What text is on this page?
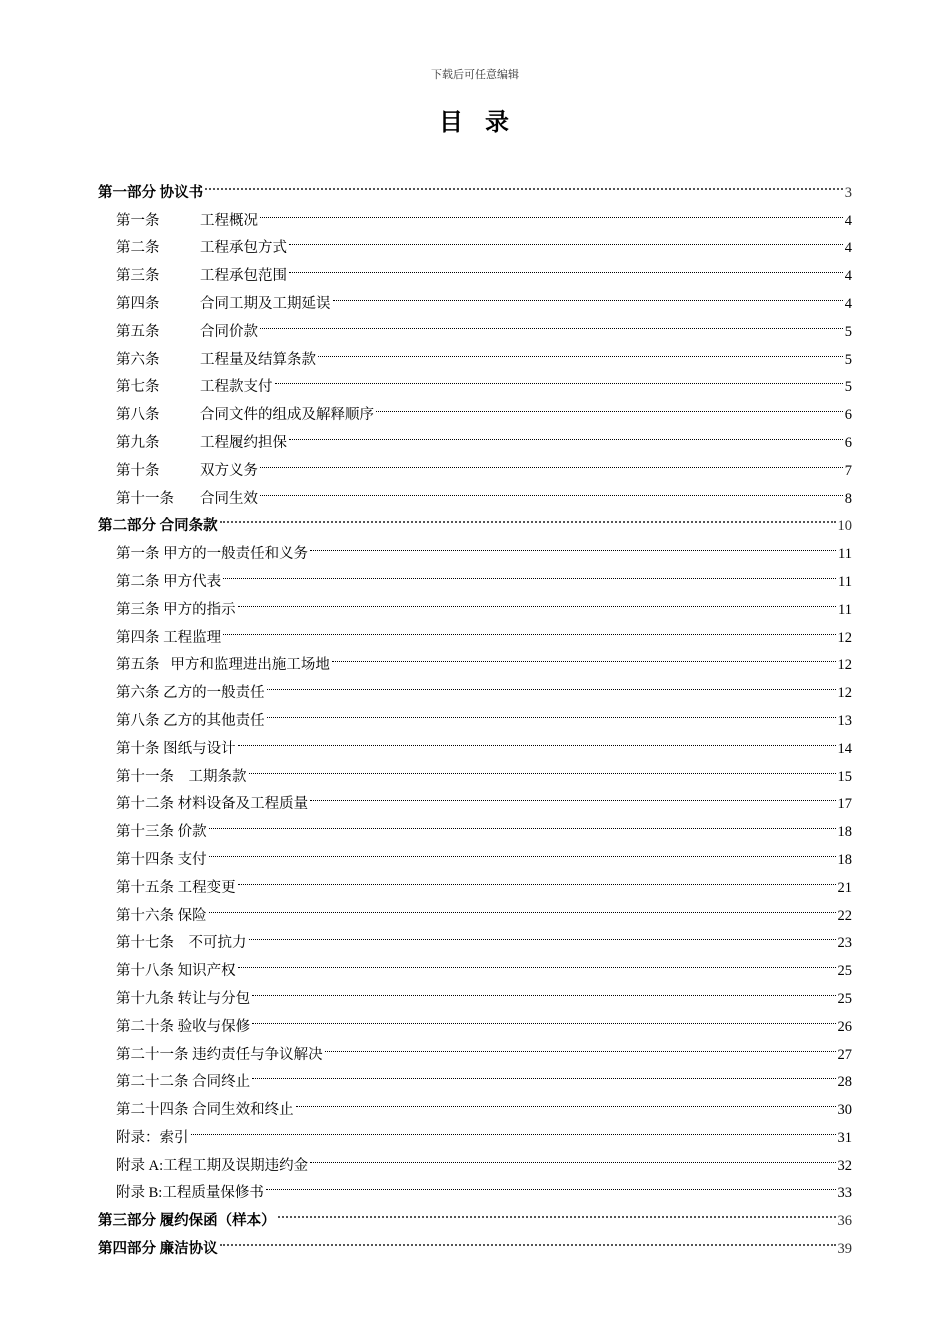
下载后可任意编辑
目 录
第一部分 协议书	3
第一条	工程概况	4
第二条	工程承包方式	4
第三条	工程承包范围	4
第四条	合同工期及工期延误	4
第五条	合同价款	5
第六条	工程量及结算条款	5
第七条	工程款支付	5
第八条	合同文件的组成及解释顺序	6
第九条	工程履约担保	6
第十条	双方义务	7
第十一条	合同生效	8
第二部分 合同条款	10
第一条 甲方的一般责任和义务	11
第二条 甲方代表	11
第三条 甲方的指示	11
第四条 工程监理	12
第五条   甲方和监理进出施工场地	12
第六条 乙方的一般责任	12
第八条 乙方的其他责任	13
第十条 图纸与设计	14
第十一条    工期条款	15
第十二条 材料设备及工程质量	17
第十三条 价款	18
第十四条 支付	18
第十五条 工程变更	21
第十六条 保险	22
第十七条    不可抗力	23
第十八条 知识产权	25
第十九条 转让与分包	25
第二十条 验收与保修	26
第二十一条 违约责任与争议解决	27
第二十二条 合同终止	28
第二十四条 合同生效和终止	30
附录：索引	31
附录 A:工程工期及误期违约金	32
附录 B:工程质量保修书	33
第三部分 履约保函（样本）	36
第四部分 廉洁协议	39
